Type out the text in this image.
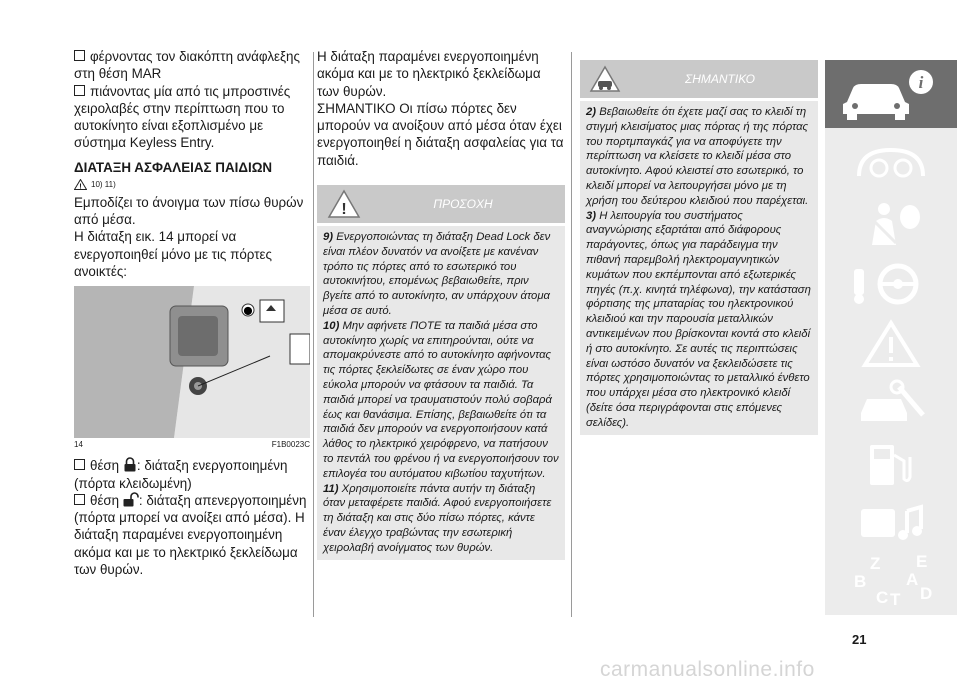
φέρνοντας τον διακόπτη ανάφλεξης στη θέση MAR

πιάνοντας μία από τις μπροστινές χειρολαβές στην περίπτωση που το αυτοκίνητο είναι εξοπλισμένο με σύστημα Keyless Entry.

ΔΙΑΤΑΞΗ ΑΣΦΑΛΕΙΑΣ ΠΑΙΔΙΩΝ
! 10) 11)

Εμποδίζει το άνοιγμα των πίσω θυρών από μέσα.

Η διάταξη εικ. 14 μπορεί να ενεργοποιηθεί μόνο με τις πόρτες ανοικτές:

⬤
14	F1B0023C

θέση : διάταξη ενεργοποιημένη (πόρτα κλειδωμένη)

θέση : διάταξη απενεργοποιημένη (πόρτα μπορεί να ανοίξει από μέσα). Η διάταξη παραμένει ενεργοποιημένη ακόμα και με το ηλεκτρικό ξεκλείδωμα των θυρών.

Η διάταξη παραμένει ενεργοποιημένη ακόμα και με το ηλεκτρικό ξεκλείδωμα των θυρών.

ΣΗΜΑΝΤΙΚΟ Οι πίσω πόρτες δεν μπορούν να ανοίξουν από μέσα όταν έχει ενεργοποιηθεί η διάταξη ασφαλείας για τα παιδιά.

!	ΠΡΟΣΟΧΗ

9) Ενεργοποιώντας τη διάταξη Dead Lock δεν είναι πλέον δυνατόν να ανοίξετε με κανέναν τρόπο τις πόρτες από το εσωτερικό του αυτοκινήτου, επομένως βεβαιωθείτε, πριν βγείτε από το αυτοκίνητο, αν υπάρχουν άτομα μέσα σε αυτό.

10) Μην αφήνετε ΠΟΤΕ τα παιδιά μέσα στο αυτοκίνητο χωρίς να επιτηρούνται, ούτε να απομακρύνεστε από το αυτοκίνητο αφήνοντας τις πόρτες ξεκλείδωτες σε έναν χώρο που εύκολα μπορούν να φτάσουν τα παιδιά. Τα παιδιά μπορεί να τραυματιστούν πολύ σοβαρά έως και θανάσιμα. Επίσης, βεβαιωθείτε ότι τα παιδιά δεν μπορούν να ενεργοποιήσουν κατά λάθος το ηλεκτρικό χειρόφρενο, να πατήσουν το πεντάλ του φρένου ή να ενεργοποιήσουν τον επιλογέα του αυτόματου κιβωτίου ταχυτήτων.

11) Χρησιμοποιείτε πάντα αυτήν τη διάταξη όταν μεταφέρετε παιδιά. Αφού ενεργοποιήσετε τη διάταξη και στις δύο πίσω πόρτες, κάντε έναν έλεγχο τραβώντας την εσωτερική χειρολαβή ανοίγματος των θυρών.

ΣΗΜΑΝΤΙΚΟ

2) Βεβαιωθείτε ότι έχετε μαζί σας το κλειδί τη στιγμή κλεισίματος μιας πόρτας ή της πόρτας του πορτμπαγκάζ για να αποφύγετε την περίπτωση να κλείσετε το κλειδί μέσα στο αυτοκίνητο. Αφού κλειστεί στο εσωτερικό, το κλειδί μπορεί να λειτουργήσει μόνο με τη χρήση του δεύτερου κλειδιού που παρέχεται.

3) Η λειτουργία του συστήματος αναγνώρισης εξαρτάται από διάφορους παράγοντες, όπως για παράδειγμα την πιθανή παρεμβολή ηλεκτρομαγνητικών κυμάτων που εκπέμπονται από εξωτερικές πηγές (π.χ. κινητά τηλέφωνα), την κατάσταση φόρτισης της μπαταρίας του ηλεκτρονικού κλειδιού και την παρουσία μεταλλικών αντικειμένων που βρίσκονται κοντά στο κλειδί ή στο αυτοκίνητο. Σε αυτές τις περιπτώσεις είναι ωστόσο δυνατόν να ξεκλειδώσετε τις πόρτες χρησιμοποιώντας το μεταλλικό ένθετο που υπάρχει μέσα στο ηλεκτρονικό κλειδί (δείτε όσα περιγράφονται στις επόμενες σελίδες).

i
Z E
B A
C T D
21
carmanualsonline.info
